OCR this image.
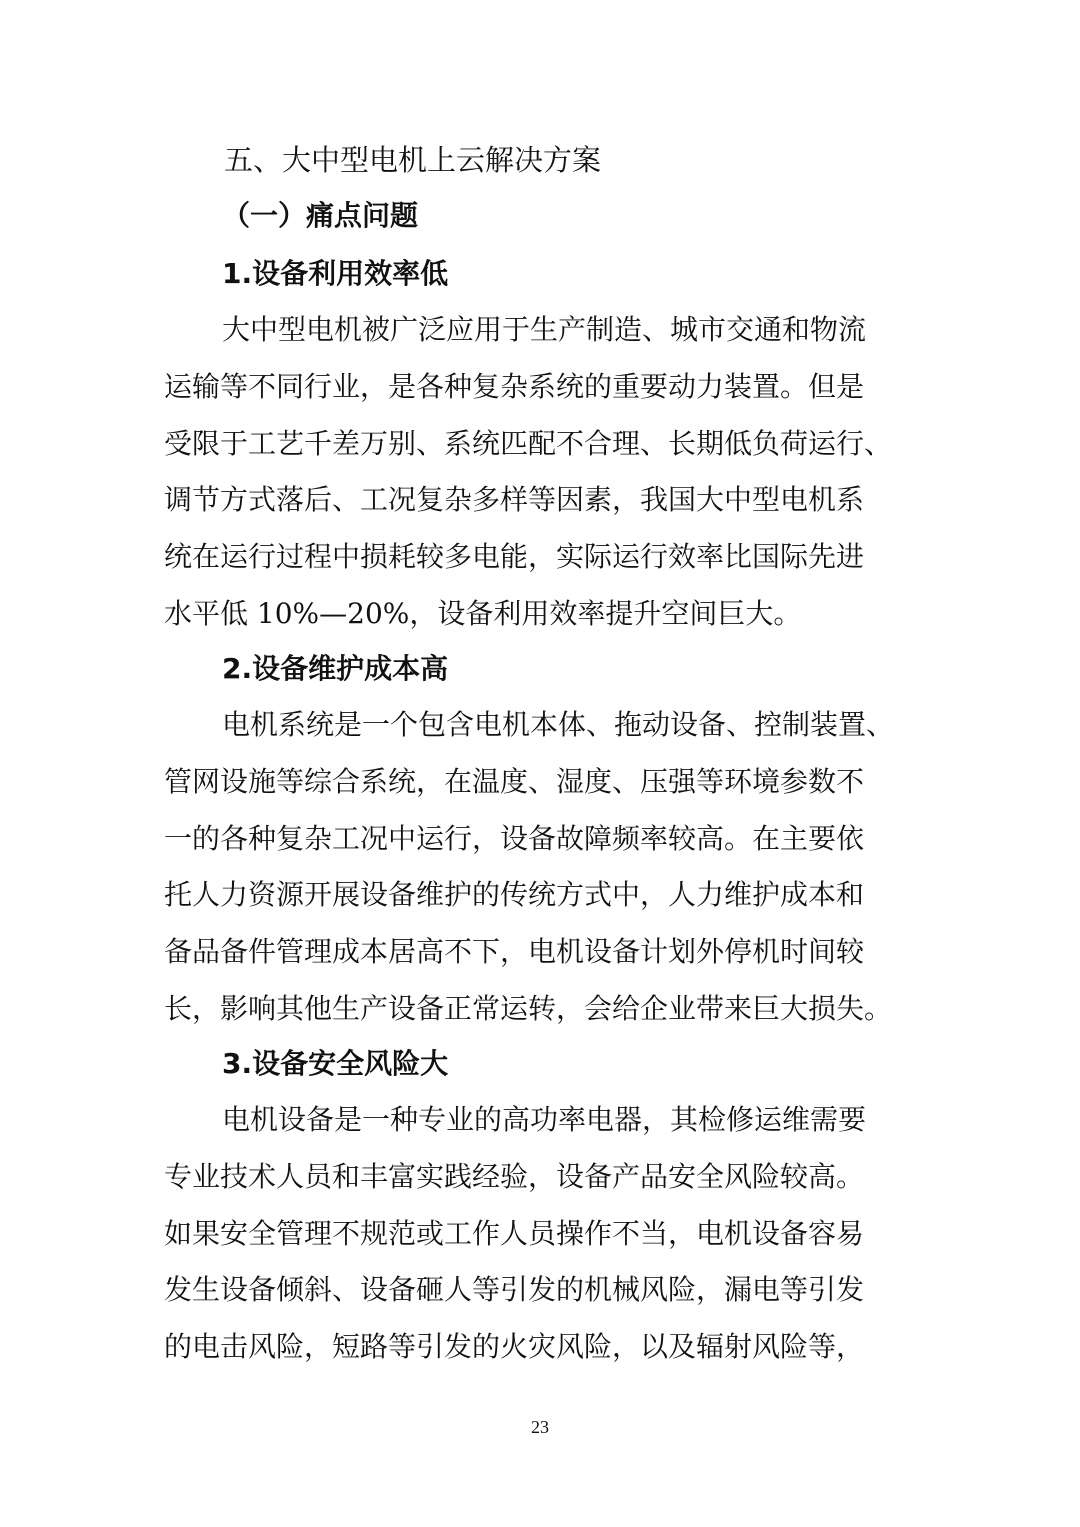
五、大中型电机上云解决方案
（一）痛点问题
1.设备利用效率低
大中型电机被广泛应用于生产制造、城市交通和物流
运输等不同行业，是各种复杂系统的重要动力装置。但是
受限于工艺千差万别、系统匹配不合理、长期低负荷运行、
调节方式落后、工况复杂多样等因素，我国大中型电机系
统在运行过程中损耗较多电能，实际运行效率比国际先进
水平低 10%—20%，设备利用效率提升空间巨大。
2.设备维护成本高
电机系统是一个包含电机本体、拖动设备、控制装置、
管网设施等综合系统，在温度、湿度、压强等环境参数不
一的各种复杂工况中运行，设备故障频率较高。在主要依
托人力资源开展设备维护的传统方式中，人力维护成本和
备品备件管理成本居高不下，电机设备计划外停机时间较
长，影响其他生产设备正常运转，会给企业带来巨大损失。
3.设备安全风险大
电机设备是一种专业的高功率电器，其检修运维需要
专业技术人员和丰富实践经验，设备产品安全风险较高。
如果安全管理不规范或工作人员操作不当，电机设备容易
发生设备倾斜、设备砸人等引发的机械风险，漏电等引发
的电击风险，短路等引发的火灾风险，以及辐射风险等，
23
